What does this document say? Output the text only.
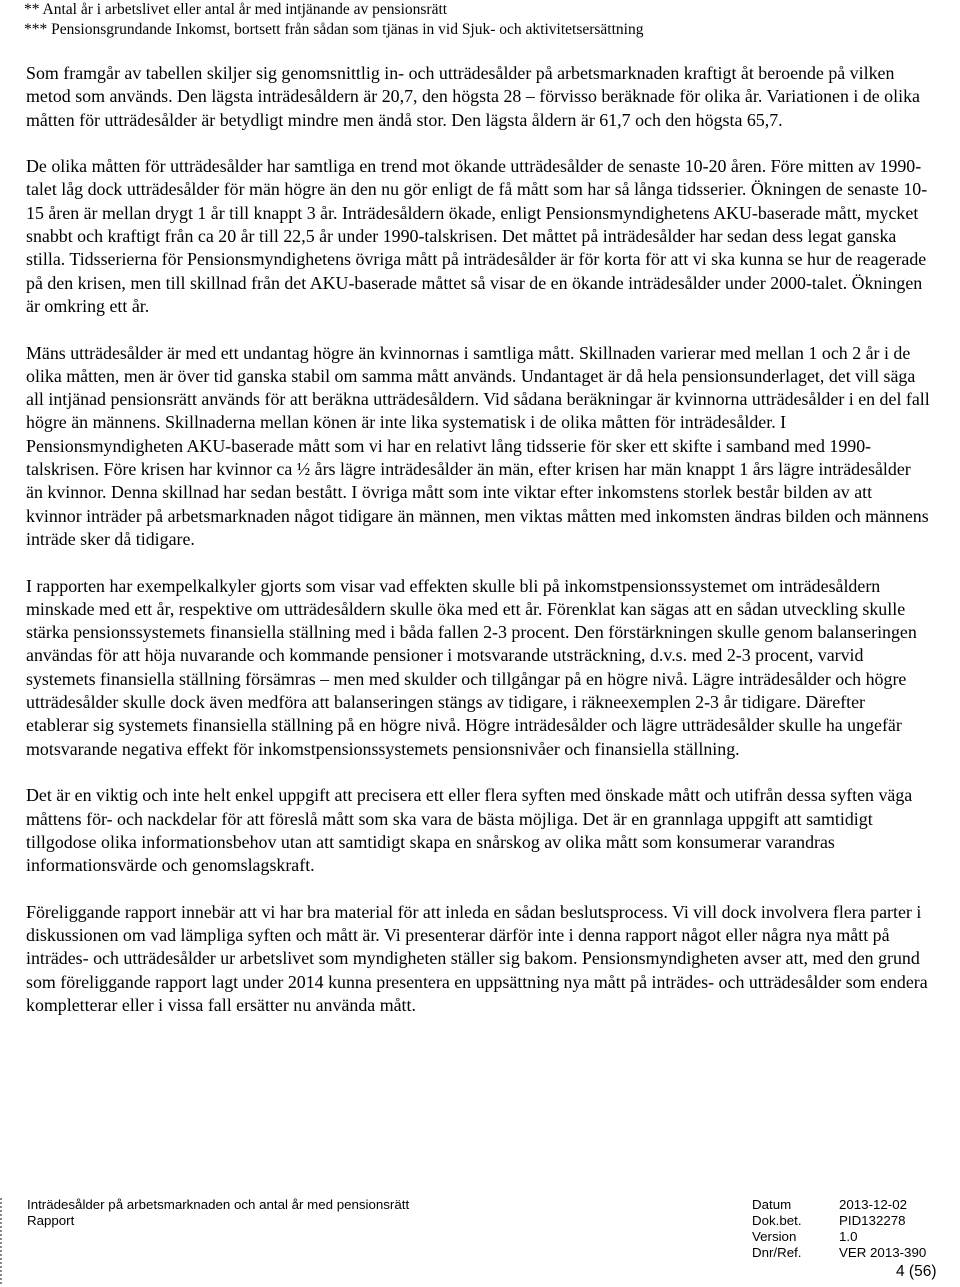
** Antal år i arbetslivet eller antal år med intjänande av pensionsrätt
*** Pensionsgrundande Inkomst, bortsett från sådan som tjänas in vid Sjuk- och aktivitetsersättning

Som framgår av tabellen skiljer sig genomsnittlig in- och utträdesålder på arbetsmarknaden kraftigt åt beroende på vilken metod som används. Den lägsta inträdesåldern är 20,7, den högsta 28 – förvisso beräknade för olika år. Variationen i de olika måtten för utträdesålder är betydligt mindre men ändå stor. Den lägsta åldern är 61,7 och den högsta 65,7.

De olika måtten för utträdesålder har samtliga en trend mot ökande utträdesålder de senaste 10-20 åren. Före mitten av 1990-talet låg dock utträdesålder för män högre än den nu gör enligt de få mått som har så långa tidsserier. Ökningen de senaste 10-15 åren är mellan drygt 1 år till knappt 3 år. Inträdesåldern ökade, enligt Pensionsmyndighetens AKU-baserade mått, mycket snabbt och kraftigt från ca 20 år till 22,5 år under 1990-talskrisen. Det måttet på inträdesålder har sedan dess legat ganska stilla. Tidsserierna för Pensionsmyndighetens övriga mått på inträdesålder är för korta för att vi ska kunna se hur de reagerade på den krisen, men till skillnad från det AKU-baserade måttet så visar de en ökande inträdesålder under 2000-talet. Ökningen är omkring ett år.

Mäns utträdesålder är med ett undantag högre än kvinnornas i samtliga mått. Skillnaden varierar med mellan 1 och 2 år i de olika måtten, men är över tid ganska stabil om samma mått används. Undantaget är då hela pensionsunderlaget, det vill säga all intjänad pensionsrätt används för att beräkna utträdesåldern. Vid sådana beräkningar är kvinnorna utträdesålder i en del fall högre än männens. Skillnaderna mellan könen är inte lika systematisk i de olika måtten för inträdesålder. I Pensionsmyndigheten AKU-baserade mått som vi har en relativt lång tidsserie för sker ett skifte i samband med 1990-talskrisen. Före krisen har kvinnor ca ½ års lägre inträdesålder än män, efter krisen har män knappt 1 års lägre inträdesålder än kvinnor. Denna skillnad har sedan bestått. I övriga mått som inte viktar efter inkomstens storlek består bilden av att kvinnor inträder på arbetsmarknaden något tidigare än männen, men viktas måtten med inkomsten ändras bilden och männens inträde sker då tidigare.

I rapporten har exempelkalkyler gjorts som visar vad effekten skulle bli på inkomstpensionssystemet om inträdesåldern minskade med ett år, respektive om utträdesåldern skulle öka med ett år. Förenklat kan sägas att en sådan utveckling skulle stärka pensionssystemets finansiella ställning med i båda fallen 2-3 procent. Den förstärkningen skulle genom balanseringen användas för att höja nuvarande och kommande pensioner i motsvarande utsträckning, d.v.s. med 2-3 procent, varvid systemets finansiella ställning försämras – men med skulder och tillgångar på en högre nivå. Lägre inträdesålder och högre utträdesålder skulle dock även medföra att balanseringen stängs av tidigare, i räkneexemplen 2-3 år tidigare. Därefter etablerar sig systemets finansiella ställning på en högre nivå. Högre inträdesålder och lägre utträdesålder skulle ha ungefär motsvarande negativa effekt för inkomstpensionssystemets pensionsnivåer och finansiella ställning.

Det är en viktig och inte helt enkel uppgift att precisera ett eller flera syften med önskade mått och utifrån dessa syften väga måttens för- och nackdelar för att föreslå mått som ska vara de bästa möjliga. Det är en grannlaga uppgift att samtidigt tillgodose olika informationsbehov utan att samtidigt skapa en snårskog av olika mått som konsumerar varandras informationsvärde och genomslagskraft.

Föreliggande rapport innebär att vi har bra material för att inleda en sådan beslutsprocess. Vi vill dock involvera flera parter i diskussionen om vad lämpliga syften och mått är. Vi presenterar därför inte i denna rapport något eller några nya mått på inträdes- och utträdesålder ur arbetslivet som myndigheten ställer sig bakom. Pensionsmyndigheten avser att, med den grund som föreliggande rapport lagt under 2014 kunna presentera en uppsättning nya mått på inträdes- och utträdesålder som endera kompletterar eller i vissa fall ersätter nu använda mått.

Inträdesålder på arbetsmarknaden och antal år med pensionsrätt
Rapport
Datum	2013-12-02
Dok.bet.	PID132278
Version	1.0
Dnr/Ref.	VER 2013-390
4 (56)
